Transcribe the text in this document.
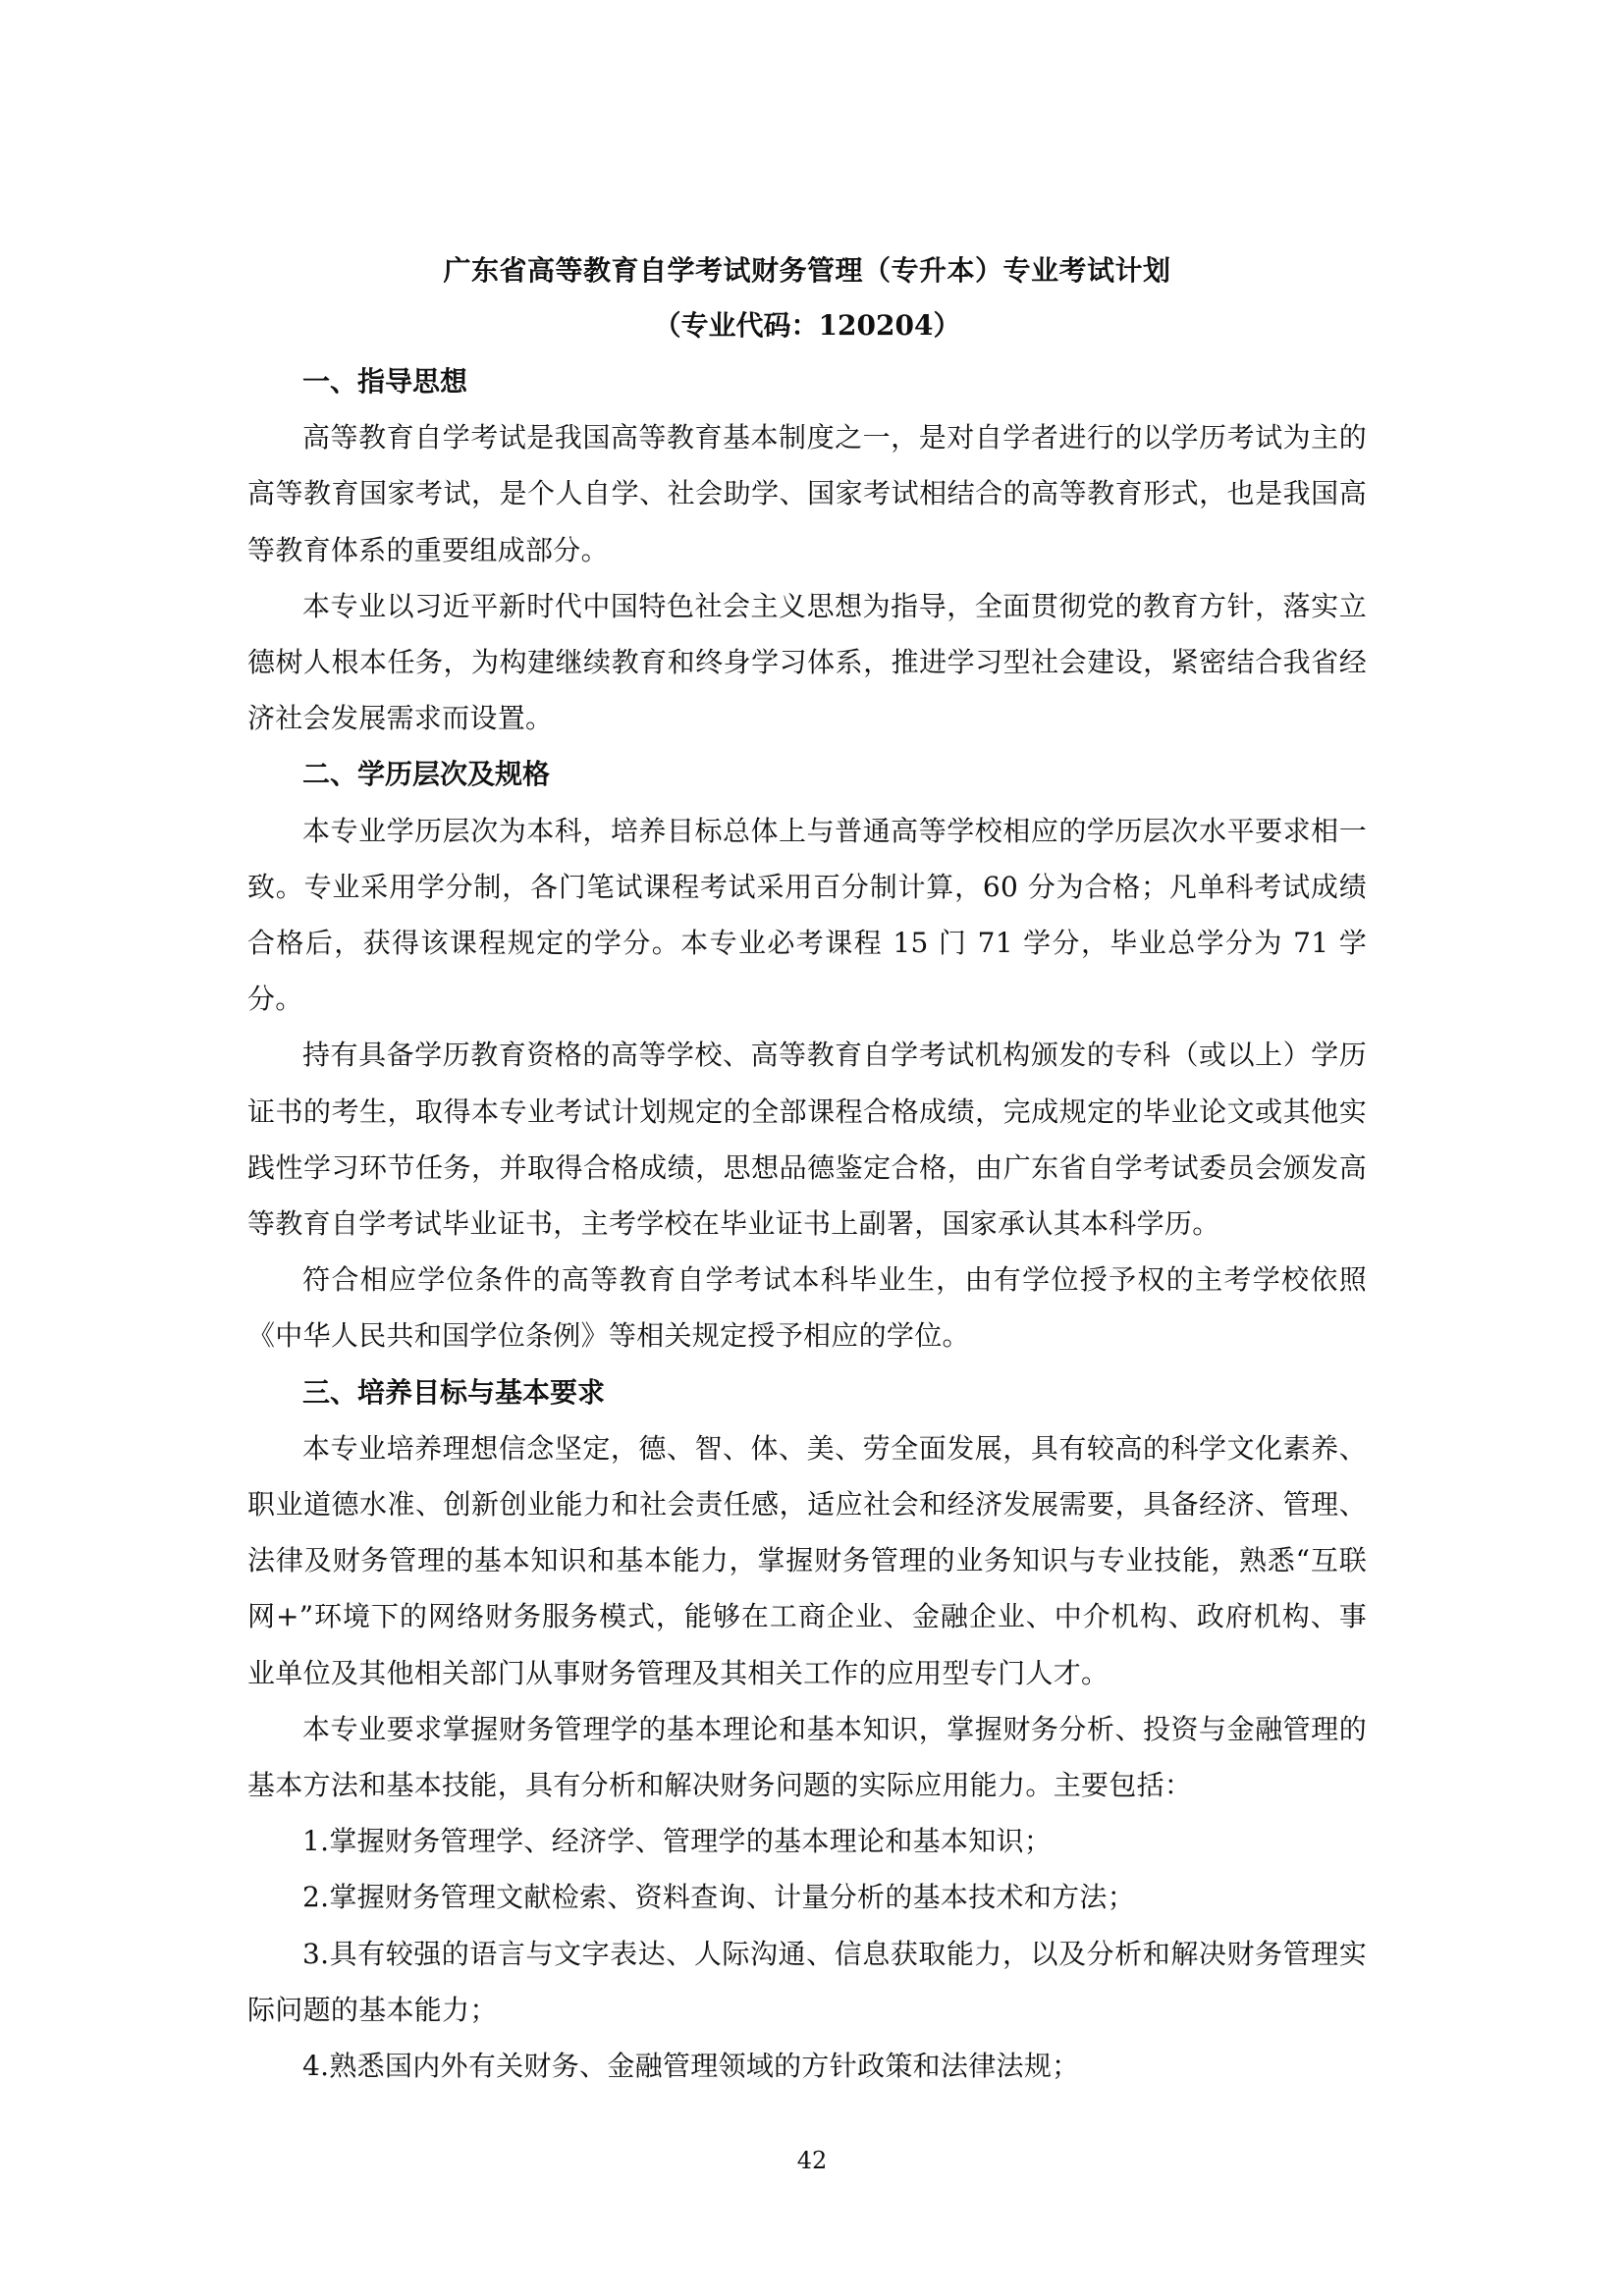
广东省高等教育自学考试财务管理（专升本）专业考试计划
（专业代码：120204）
一、指导思想

高等教育自学考试是我国高等教育基本制度之一，是对自学者进行的以学历考试为主的高等教育国家考试，是个人自学、社会助学、国家考试相结合的高等教育形式，也是我国高等教育体系的重要组成部分。

本专业以习近平新时代中国特色社会主义思想为指导，全面贯彻党的教育方针，落实立德树人根本任务，为构建继续教育和终身学习体系，推进学习型社会建设，紧密结合我省经济社会发展需求而设置。

二、学历层次及规格

本专业学历层次为本科，培养目标总体上与普通高等学校相应的学历层次水平要求相一致。专业采用学分制，各门笔试课程考试采用百分制计算，60 分为合格；凡单科考试成绩合格后，获得该课程规定的学分。本专业必考课程 15 门 71 学分，毕业总学分为 71 学分。

持有具备学历教育资格的高等学校、高等教育自学考试机构颁发的专科（或以上）学历证书的考生，取得本专业考试计划规定的全部课程合格成绩，完成规定的毕业论文或其他实践性学习环节任务，并取得合格成绩，思想品德鉴定合格，由广东省自学考试委员会颁发高等教育自学考试毕业证书，主考学校在毕业证书上副署，国家承认其本科学历。

符合相应学位条件的高等教育自学考试本科毕业生，由有学位授予权的主考学校依照《中华人民共和国学位条例》等相关规定授予相应的学位。

三、培养目标与基本要求

本专业培养理想信念坚定，德、智、体、美、劳全面发展，具有较高的科学文化素养、职业道德水准、创新创业能力和社会责任感，适应社会和经济发展需要，具备经济、管理、法律及财务管理的基本知识和基本能力，掌握财务管理的业务知识与专业技能，熟悉“互联网+”环境下的网络财务服务模式，能够在工商企业、金融企业、中介机构、政府机构、事业单位及其他相关部门从事财务管理及其相关工作的应用型专门人才。

本专业要求掌握财务管理学的基本理论和基本知识，掌握财务分析、投资与金融管理的基本方法和基本技能，具有分析和解决财务问题的实际应用能力。主要包括：

1.掌握财务管理学、经济学、管理学的基本理论和基本知识；

2.掌握财务管理文献检索、资料查询、计量分析的基本技术和方法；

3.具有较强的语言与文字表达、人际沟通、信息获取能力，以及分析和解决财务管理实际问题的基本能力；

4.熟悉国内外有关财务、金融管理领域的方针政策和法律法规；

42
